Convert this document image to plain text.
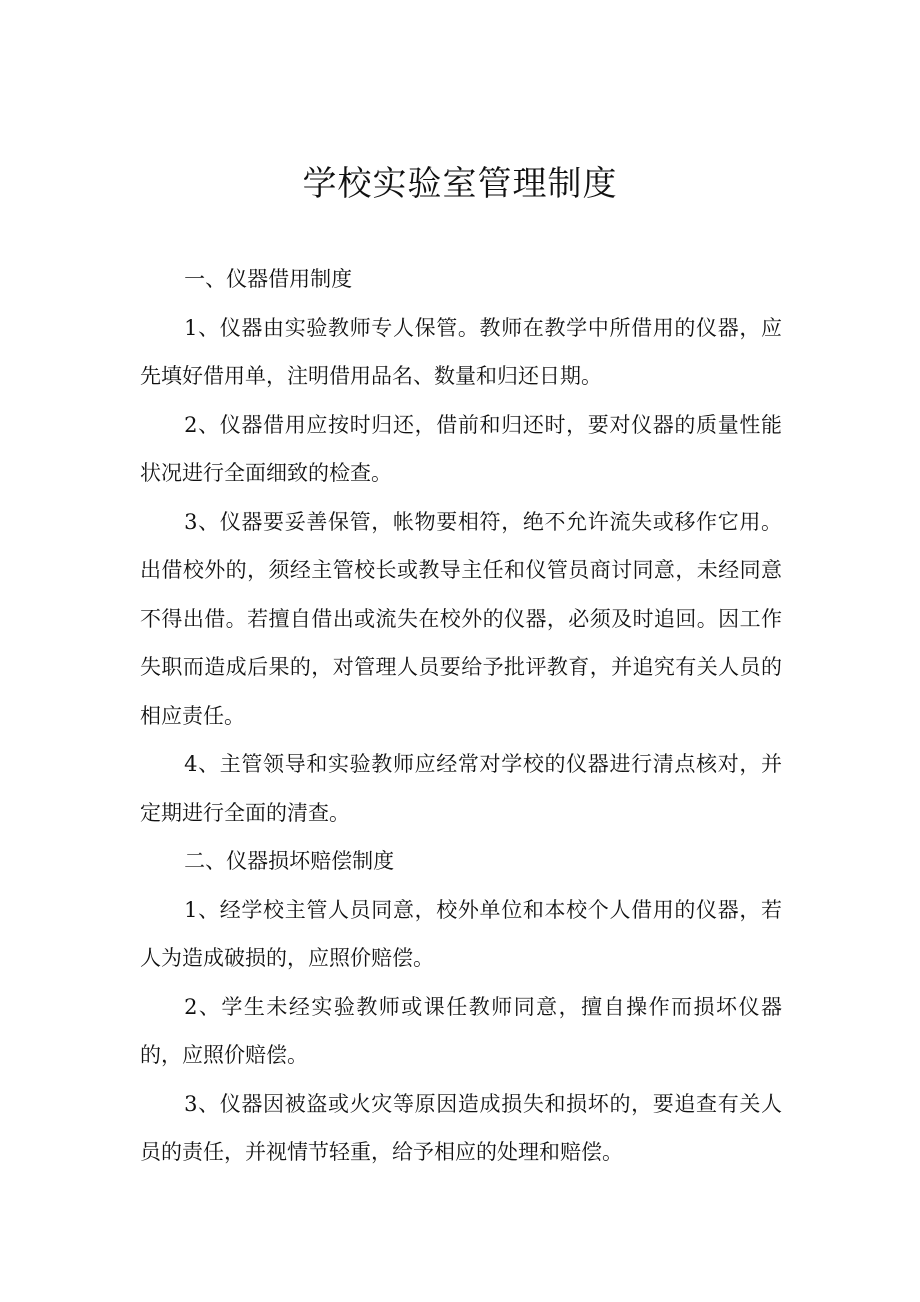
学校实验室管理制度

一、仪器借用制度

1、仪器由实验教师专人保管。教师在教学中所借用的仪器，应先填好借用单，注明借用品名、数量和归还日期。

2、仪器借用应按时归还，借前和归还时，要对仪器的质量性能状况进行全面细致的检查。

3、仪器要妥善保管，帐物要相符，绝不允许流失或移作它用。出借校外的，须经主管校长或教导主任和仪管员商讨同意，未经同意不得出借。若擅自借出或流失在校外的仪器，必须及时追回。因工作失职而造成后果的，对管理人员要给予批评教育，并追究有关人员的相应责任。

4、主管领导和实验教师应经常对学校的仪器进行清点核对，并定期进行全面的清查。

二、仪器损坏赔偿制度

1、经学校主管人员同意，校外单位和本校个人借用的仪器，若人为造成破损的，应照价赔偿。

2、学生未经实验教师或课任教师同意，擅自操作而损坏仪器的，应照价赔偿。

3、仪器因被盗或火灾等原因造成损失和损坏的，要追查有关人员的责任，并视情节轻重，给予相应的处理和赔偿。
